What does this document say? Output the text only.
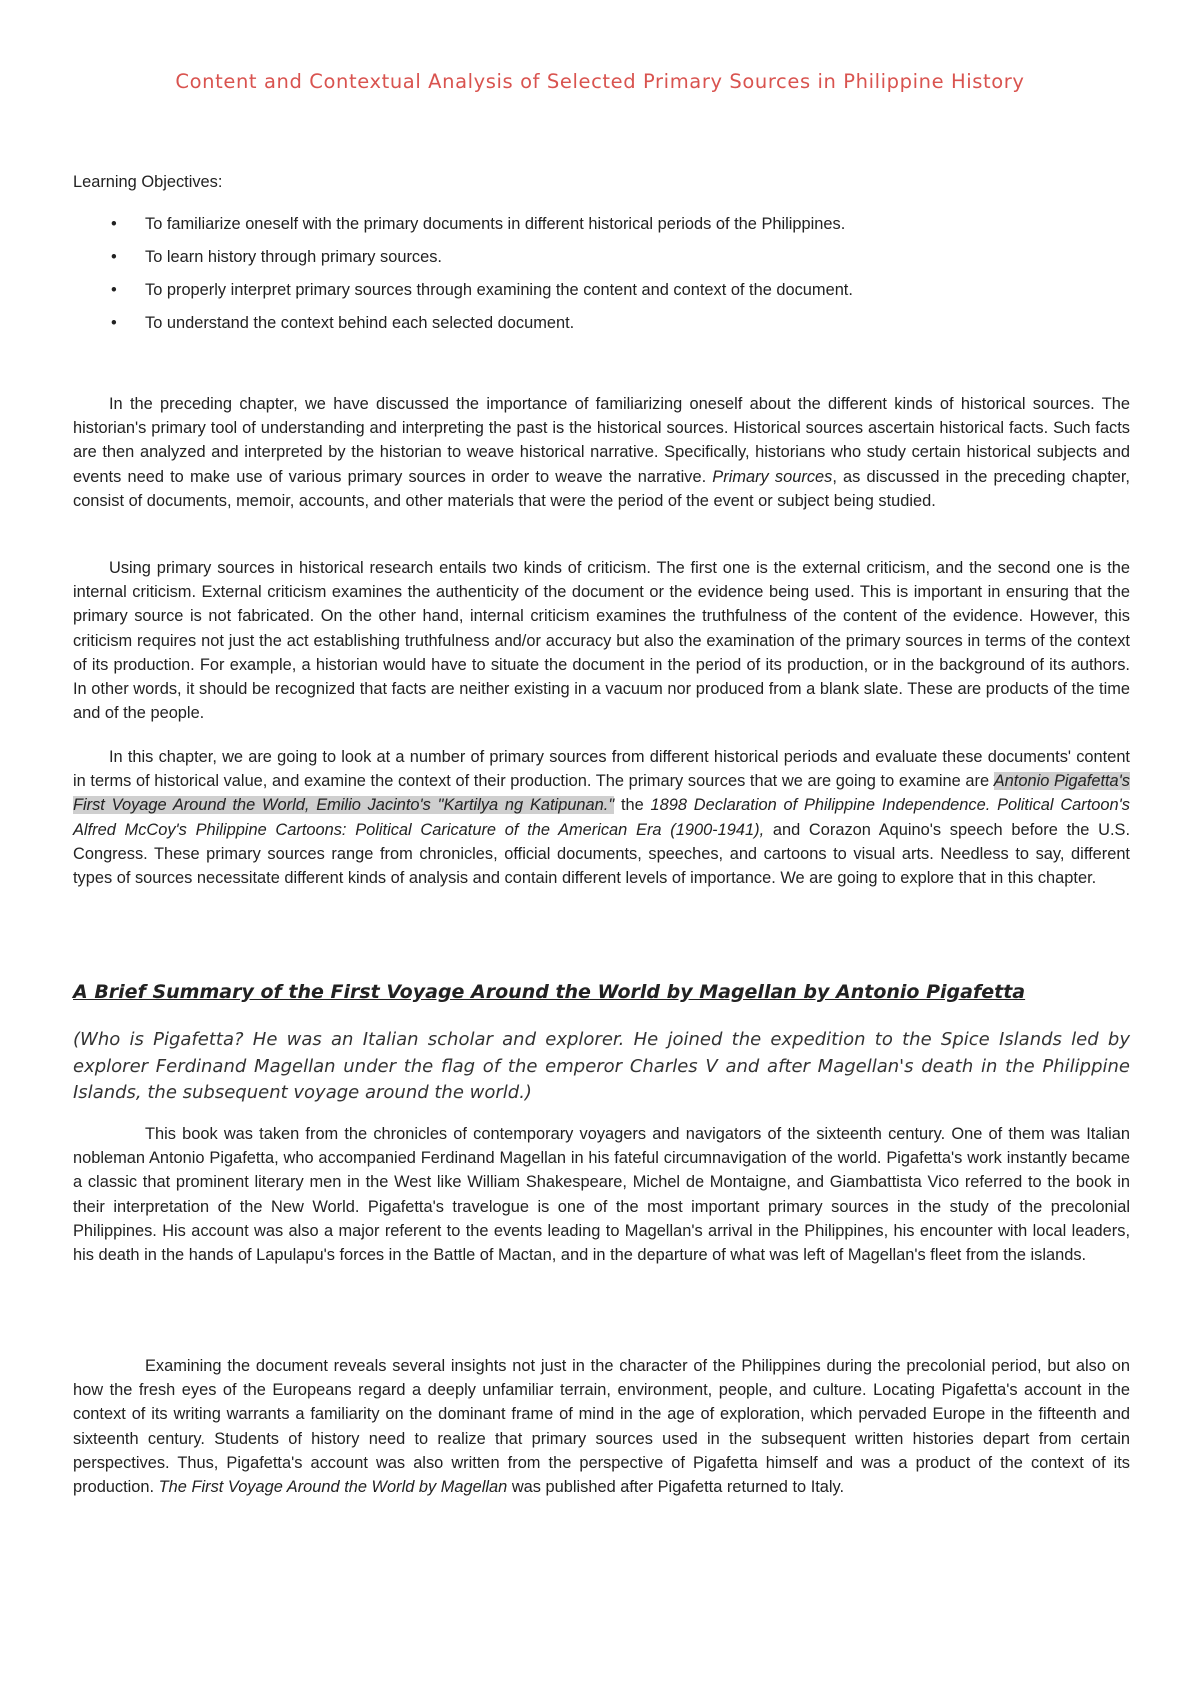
Content and Contextual Analysis of Selected Primary Sources in Philippine History

Learning Objectives:

• To familiarize oneself with the primary documents in different historical periods of the Philippines.
• To learn history through primary sources.
• To properly interpret primary sources through examining the content and context of the document.
• To understand the context behind each selected document.

In the preceding chapter, we have discussed the importance of familiarizing oneself about the different kinds of historical sources. The historian's primary tool of understanding and interpreting the past is the historical sources. Historical sources ascertain historical facts. Such facts are then analyzed and interpreted by the historian to weave historical narrative. Specifically, historians who study certain historical subjects and events need to make use of various primary sources in order to weave the narrative. Primary sources, as discussed in the preceding chapter, consist of documents, memoir, accounts, and other materials that were the period of the event or subject being studied.

Using primary sources in historical research entails two kinds of criticism. The first one is the external criticism, and the second one is the internal criticism. External criticism examines the authenticity of the document or the evidence being used. This is important in ensuring that the primary source is not fabricated. On the other hand, internal criticism examines the truthfulness of the content of the evidence. However, this criticism requires not just the act establishing truthfulness and/or accuracy but also the examination of the primary sources in terms of the context of its production. For example, a historian would have to situate the document in the period of its production, or in the background of its authors. In other words, it should be recognized that facts are neither existing in a vacuum nor produced from a blank slate. These are products of the time and of the people.

In this chapter, we are going to look at a number of primary sources from different historical periods and evaluate these documents' content in terms of historical value, and examine the context of their production. The primary sources that we are going to examine are Antonio Pigafetta's First Voyage Around the World, Emilio Jacinto's "Kartilya ng Katipunan." the 1898 Declaration of Philippine Independence. Political Cartoon's Alfred McCoy's Philippine Cartoons: Political Caricature of the American Era (1900-1941), and Corazon Aquino's speech before the U.S. Congress. These primary sources range from chronicles, official documents, speeches, and cartoons to visual arts. Needless to say, different types of sources necessitate different kinds of analysis and contain different levels of importance. We are going to explore that in this chapter.

A Brief Summary of the First Voyage Around the World by Magellan by Antonio Pigafetta

(Who is Pigafetta? He was an Italian scholar and explorer. He joined the expedition to the Spice Islands led by explorer Ferdinand Magellan under the flag of the emperor Charles V and after Magellan's death in the Philippine Islands, the subsequent voyage around the world.)

This book was taken from the chronicles of contemporary voyagers and navigators of the sixteenth century. One of them was Italian nobleman Antonio Pigafetta, who accompanied Ferdinand Magellan in his fateful circumnavigation of the world. Pigafetta's work instantly became a classic that prominent literary men in the West like William Shakespeare, Michel de Montaigne, and Giambattista Vico referred to the book in their interpretation of the New World. Pigafetta's travelogue is one of the most important primary sources in the study of the precolonial Philippines. His account was also a major referent to the events leading to Magellan's arrival in the Philippines, his encounter with local leaders, his death in the hands of Lapulapu's forces in the Battle of Mactan, and in the departure of what was left of Magellan's fleet from the islands.

Examining the document reveals several insights not just in the character of the Philippines during the precolonial period, but also on how the fresh eyes of the Europeans regard a deeply unfamiliar terrain, environment, people, and culture. Locating Pigafetta's account in the context of its writing warrants a familiarity on the dominant frame of mind in the age of exploration, which pervaded Europe in the fifteenth and sixteenth century. Students of history need to realize that primary sources used in the subsequent written histories depart from certain perspectives. Thus, Pigafetta's account was also written from the perspective of Pigafetta himself and was a product of the context of its production. The First Voyage Around the World by Magellan was published after Pigafetta returned to Italy.
